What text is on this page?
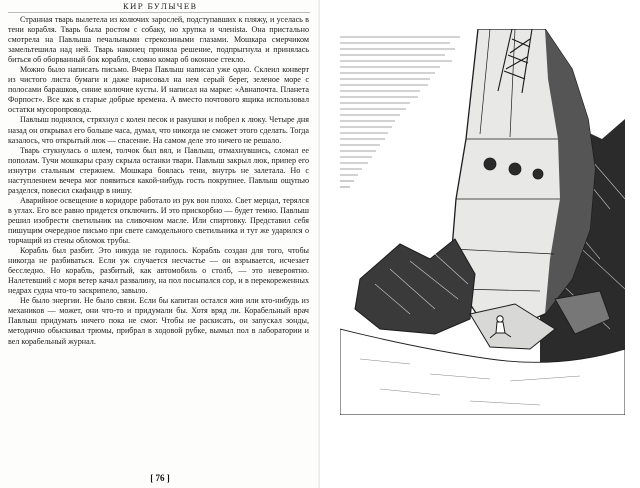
КИР БУЛЫЧЕВ

Странная тварь вылетела из колючих зарослей, подступавших к пляжу, и уселась в тени корабля. Тварь была ростом с собаку, но хрупка и членista. Она пристально смотрела на Павлыша печальными стрекозиными глазами. Мошкара смерчиком замельтешила над ней. Тварь наконец приняла решение, подпрыгнула и принялась биться об оборванный бок корабля, словно комар об оконное стекло.

Можно было написать письмо. Вчера Павлыш написал уже одно. Склеил конверт из чистого листа бумаги и даже нарисовал на нем серый берег, зеленое море с полосами барашков, синие колючие кусты. И написал на марке: «Авнапочта. Планета Форпост». Все как в старые добрые времена. А вместо почтового ящика использовал остатки мусоропровода.

Павлыш поднялся, стряхнул с колен песок и ракушки и побрел к люку. Четыре дня назад он открывал его больше часа, думал, что никогда не сможет этого сделать. Тогда казалось, что открытый люк — спасение. На самом деле это ничего не решало.

Тварь стукнулась о шлем, толчок был вял, и Павлыш, отмахнувшись, сломал ее пополам. Тучи мошкары сразу скрыла останки твари. Павлыш закрыл люк, припер его изнутри стальным стержнем. Мошкара боялась тени, внутрь не залетала. Но с наступлением вечера мог появиться какой-нибудь гость покрупнее. Павлыш ощупью разделся, повесил скафандр в нишу.

Аварийное освещение в коридоре работало из рук вон плохо. Свет мерцал, терялся в углах. Его все равно придется отключить. И это прискорбно — будет темно. Павлыш решил изобрести светильник на сливочном масле. Или спиртовку. Представил себя пишущим очередное письмо при свете самодельного светильника и тут же ударился о торчащий из стены обломок трубы.

Корабль был разбит. Это никуда не годилось. Корабль создан для того, чтобы никогда не разбиваться. Если уж случается несчастье — он взрывается, исчезает бесследно. Но корабль, разбитый, как автомобиль о столб, — это невероятно. Налетевший с моря ветер качал развалину, на пол посыпался сор, и в перекореженных недрах судна что-то заскрипело, завыло.

Не было энергии. Не было связи. Если бы капитан остался жив или кто-нибудь из механиков — может, они что-то и придумали бы. Хотя вряд ли. Корабельный врач Павлыш придумать ничего пока не смог. Чтобы не раскисать, он запускал зонды, методично обыскивал трюмы, прибрал в ходовой рубке, вымыл пол в лаборатории и вел корабельный журнал.

[ 76 ]
